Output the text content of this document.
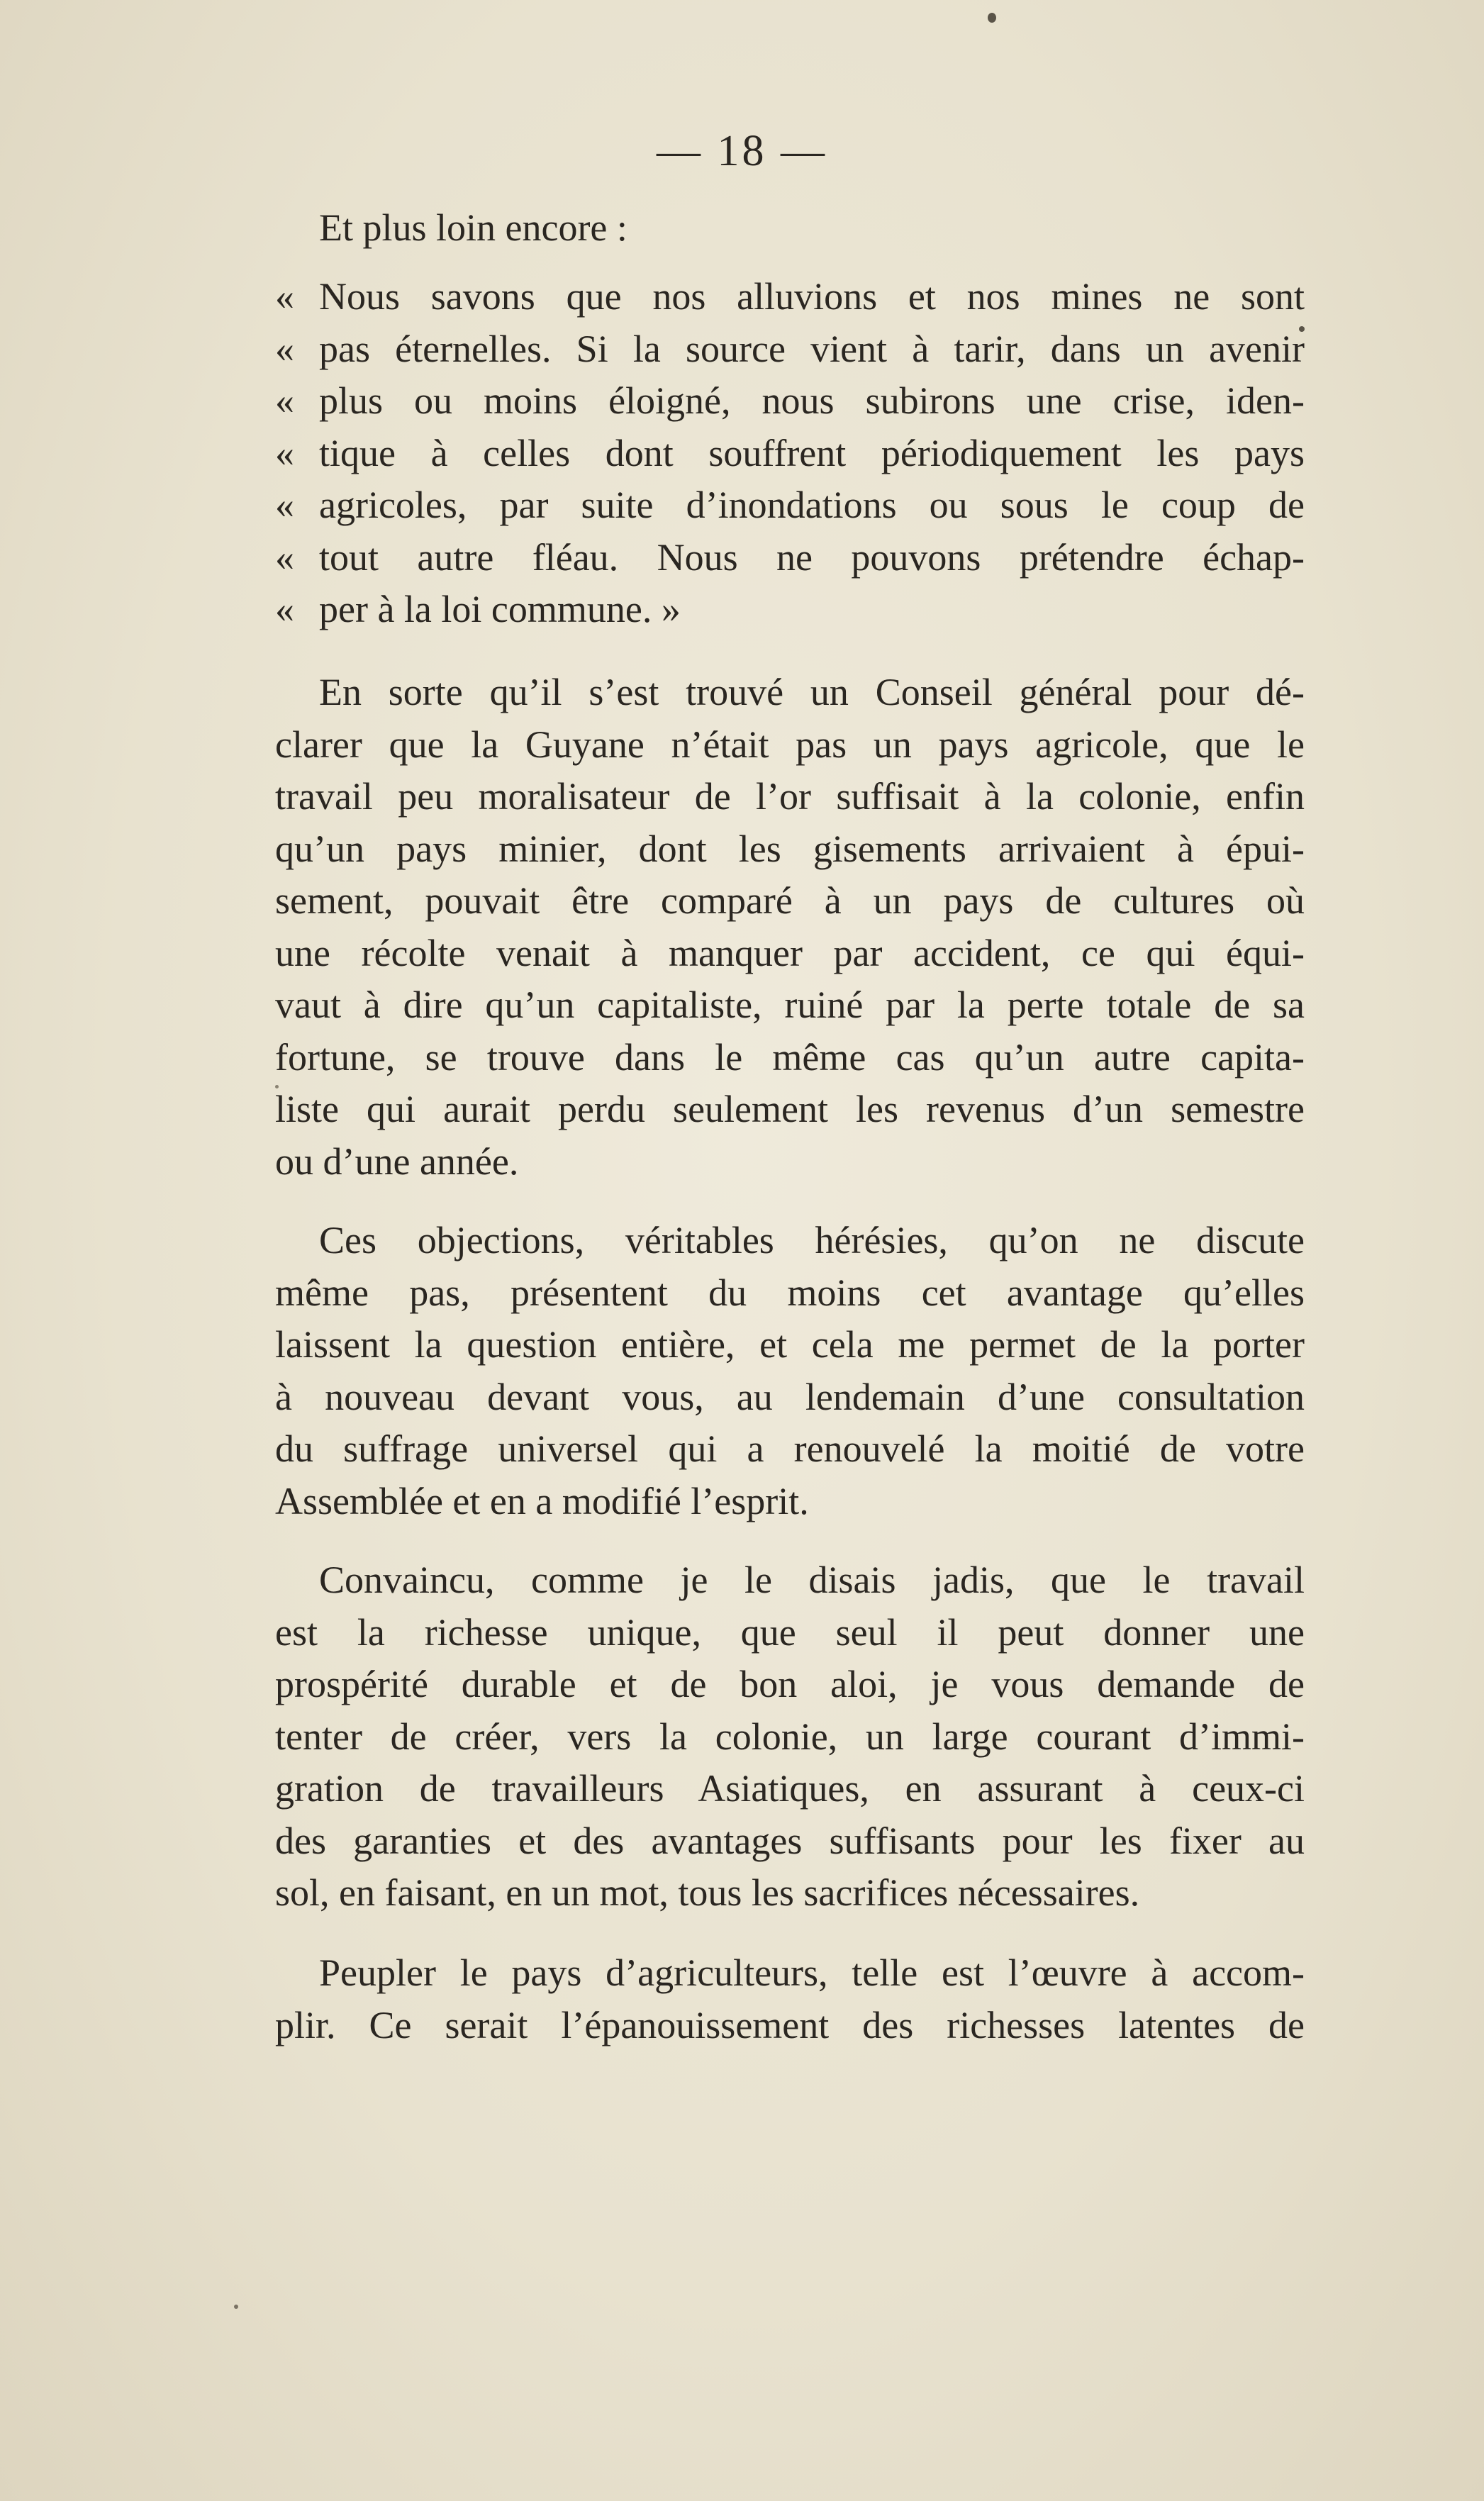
— 18 —
Et plus loin encore :
« Nous savons que nos alluvions et nos mines ne sont
« pas éternelles. Si la source vient à tarir, dans un avenir
« plus ou moins éloigné, nous subirons une crise, iden-
« tique à celles dont souffrent périodiquement les pays
« agricoles, par suite d’inondations ou sous le coup de
« tout autre fléau. Nous ne pouvons prétendre échap-
« per à la loi commune. »
En sorte qu’il s’est trouvé un Conseil général pour dé-
clarer que la Guyane n’était pas un pays agricole, que le
travail peu moralisateur de l’or suffisait à la colonie, enfin
qu’un pays minier, dont les gisements arrivaient à épui-
sement, pouvait être comparé à un pays de cultures où
une récolte venait à manquer par accident, ce qui équi-
vaut à dire qu’un capitaliste, ruiné par la perte totale de sa
fortune, se trouve dans le même cas qu’un autre capita-
liste qui aurait perdu seulement les revenus d’un semestre
ou d’une année.
Ces objections, véritables hérésies, qu’on ne discute
même pas, présentent du moins cet avantage qu’elles
laissent la question entière, et cela me permet de la porter
à nouveau devant vous, au lendemain d’une consultation
du suffrage universel qui a renouvelé la moitié de votre
Assemblée et en a modifié l’esprit.
Convaincu, comme je le disais jadis, que le travail
est la richesse unique, que seul il peut donner une
prospérité durable et de bon aloi, je vous demande de
tenter de créer, vers la colonie, un large courant d’immi-
gration de travailleurs Asiatiques, en assurant à ceux-ci
des garanties et des avantages suffisants pour les fixer au
sol, en faisant, en un mot, tous les sacrifices nécessaires.
Peupler le pays d’agriculteurs, telle est l’œuvre à accom-
plir. Ce serait l’épanouissement des richesses latentes de
